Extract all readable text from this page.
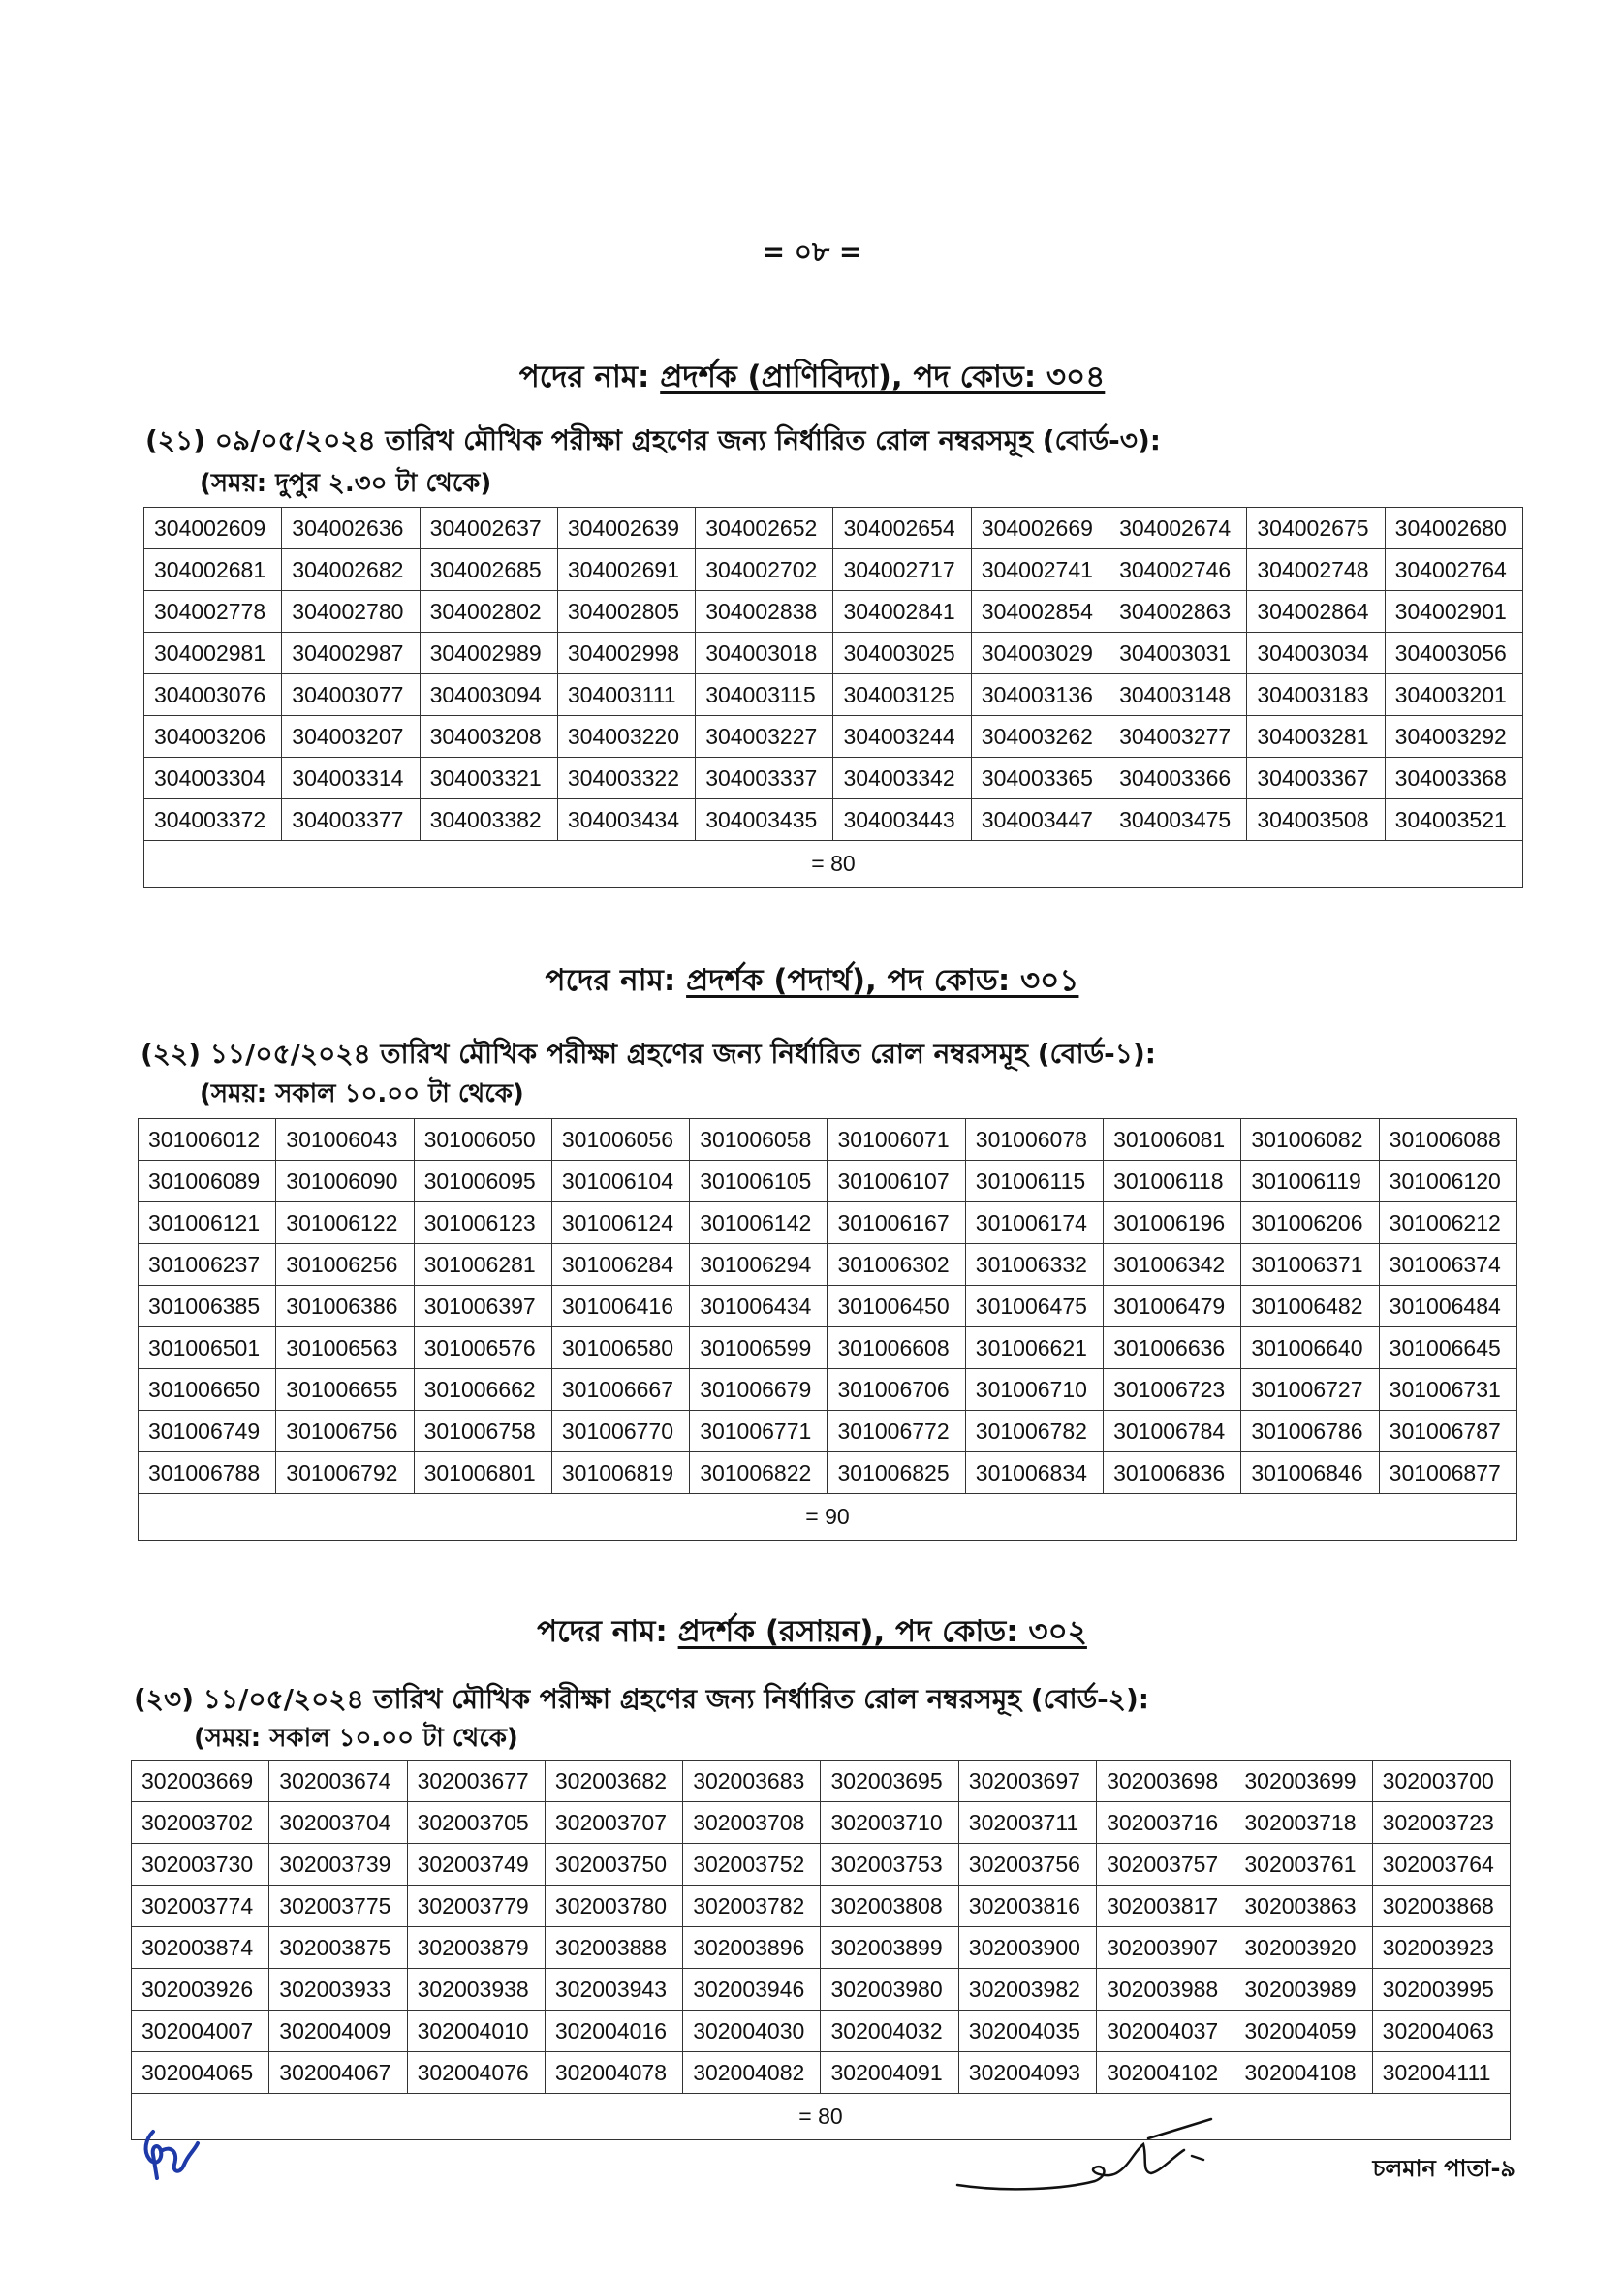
= ০৮ =
পদের নাম: প্রদর্শক (প্রাণিবিদ্যা), পদ কোড: ৩০৪
(২১) ০৯/০৫/২০২৪ তারিখ মৌখিক পরীক্ষা গ্রহণের জন্য নির্ধারিত রোল নম্বরসমূহ (বোর্ড-৩):
(সময়: দুপুর ২.৩০ টা থেকে)
304002609	304002636	304002637	304002639	304002652	304002654	304002669	304002674	304002675	304002680
304002681	304002682	304002685	304002691	304002702	304002717	304002741	304002746	304002748	304002764
304002778	304002780	304002802	304002805	304002838	304002841	304002854	304002863	304002864	304002901
304002981	304002987	304002989	304002998	304003018	304003025	304003029	304003031	304003034	304003056
304003076	304003077	304003094	304003111	304003115	304003125	304003136	304003148	304003183	304003201
304003206	304003207	304003208	304003220	304003227	304003244	304003262	304003277	304003281	304003292
304003304	304003314	304003321	304003322	304003337	304003342	304003365	304003366	304003367	304003368
304003372	304003377	304003382	304003434	304003435	304003443	304003447	304003475	304003508	304003521
= 80									
পদের নাম: প্রদর্শক (পদার্থ), পদ কোড: ৩০১
(২২) ১১/০৫/২০২৪ তারিখ মৌখিক পরীক্ষা গ্রহণের জন্য নির্ধারিত রোল নম্বরসমূহ (বোর্ড-১):
(সময়: সকাল ১০.০০ টা থেকে)
301006012	301006043	301006050	301006056	301006058	301006071	301006078	301006081	301006082	301006088
301006089	301006090	301006095	301006104	301006105	301006107	301006115	301006118	301006119	301006120
301006121	301006122	301006123	301006124	301006142	301006167	301006174	301006196	301006206	301006212
301006237	301006256	301006281	301006284	301006294	301006302	301006332	301006342	301006371	301006374
301006385	301006386	301006397	301006416	301006434	301006450	301006475	301006479	301006482	301006484
301006501	301006563	301006576	301006580	301006599	301006608	301006621	301006636	301006640	301006645
301006650	301006655	301006662	301006667	301006679	301006706	301006710	301006723	301006727	301006731
301006749	301006756	301006758	301006770	301006771	301006772	301006782	301006784	301006786	301006787
301006788	301006792	301006801	301006819	301006822	301006825	301006834	301006836	301006846	301006877
= 90									
পদের নাম: প্রদর্শক (রসায়ন), পদ কোড: ৩০২
(২৩) ১১/০৫/২০২৪ তারিখ মৌখিক পরীক্ষা গ্রহণের জন্য নির্ধারিত রোল নম্বরসমূহ (বোর্ড-২):
(সময়: সকাল ১০.০০ টা থেকে)
302003669	302003674	302003677	302003682	302003683	302003695	302003697	302003698	302003699	302003700
302003702	302003704	302003705	302003707	302003708	302003710	302003711	302003716	302003718	302003723
302003730	302003739	302003749	302003750	302003752	302003753	302003756	302003757	302003761	302003764
302003774	302003775	302003779	302003780	302003782	302003808	302003816	302003817	302003863	302003868
302003874	302003875	302003879	302003888	302003896	302003899	302003900	302003907	302003920	302003923
302003926	302003933	302003938	302003943	302003946	302003980	302003982	302003988	302003989	302003995
302004007	302004009	302004010	302004016	302004030	302004032	302004035	302004037	302004059	302004063
302004065	302004067	302004076	302004078	302004082	302004091	302004093	302004102	302004108	302004111
= 80									
চলমান পাতা-৯
